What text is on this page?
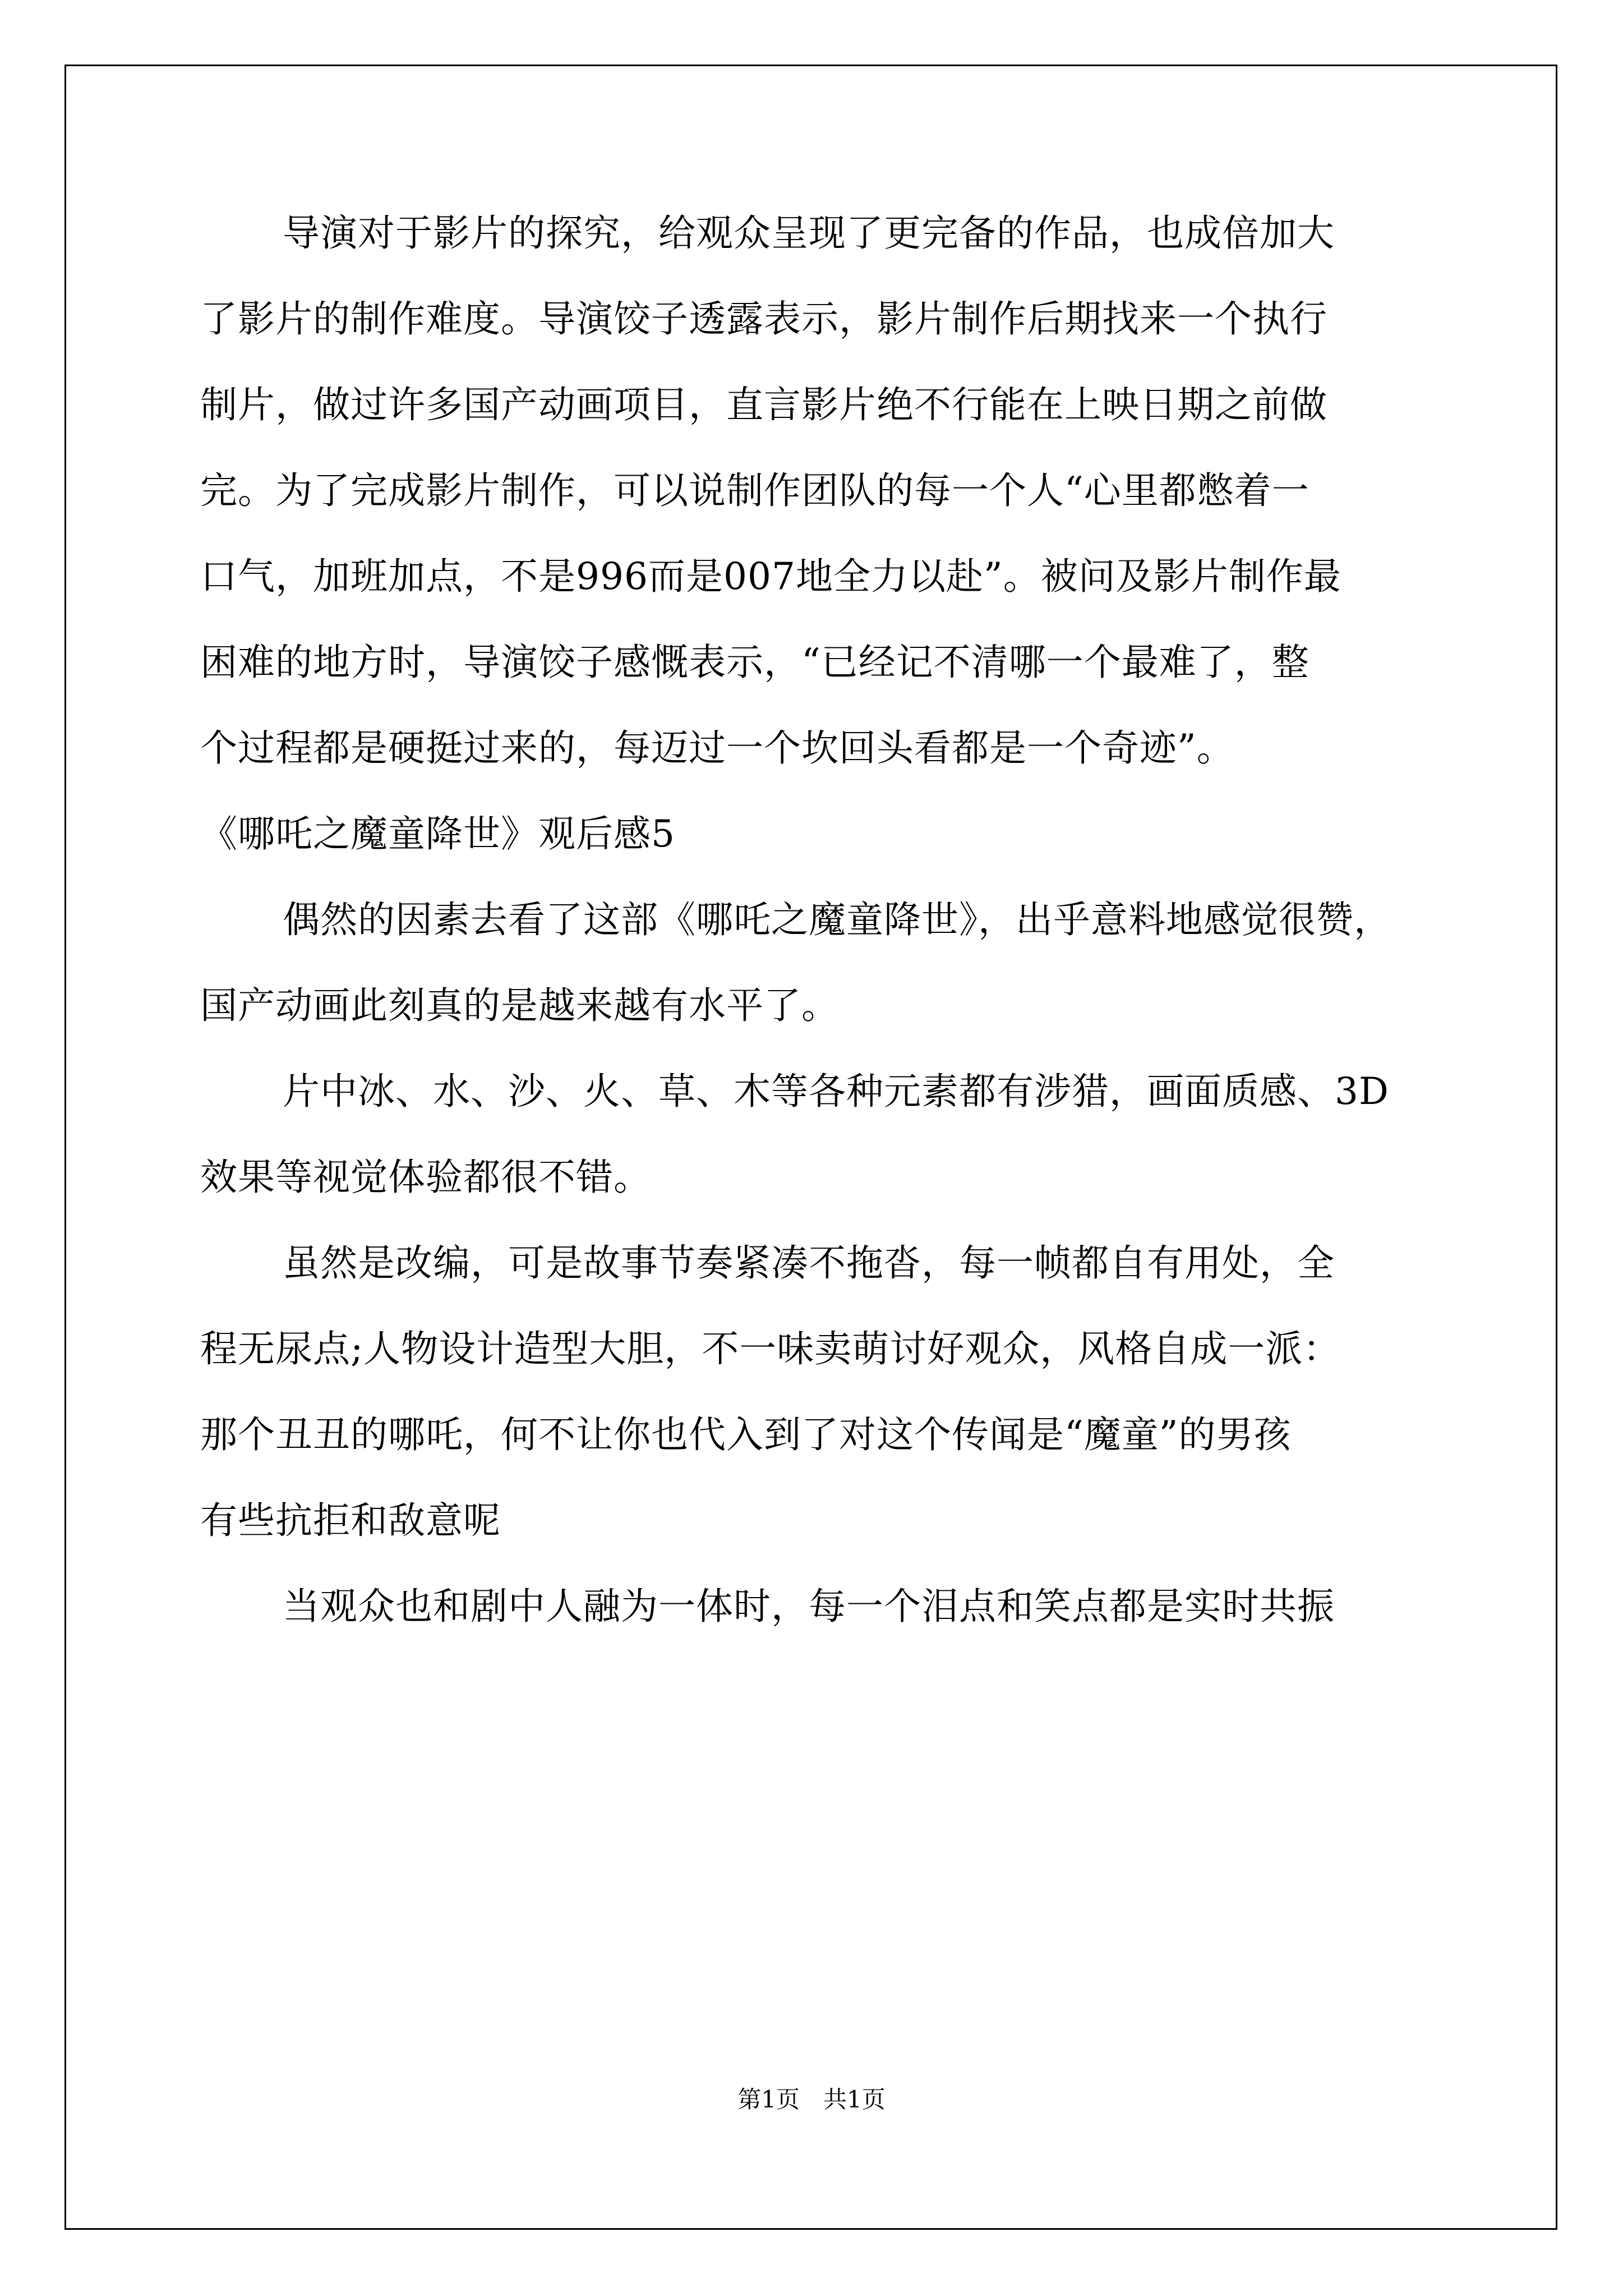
导演对于影片的探究，给观众呈现了更完备的作品，也成倍加大
了影片的制作难度。导演饺子透露表示，影片制作后期找来一个执行
制片，做过许多国产动画项目，直言影片绝不行能在上映日期之前做
完。为了完成影片制作，可以说制作团队的每一个人“心里都憋着一
口气，加班加点，不是996而是007地全力以赴”。被问及影片制作最
困难的地方时，导演饺子感慨表示，“已经记不清哪一个最难了，整
个过程都是硬挺过来的，每迈过一个坎回头看都是一个奇迹”。
《哪吒之魔童降世》观后感5
偶然的因素去看了这部《哪吒之魔童降世》，出乎意料地感觉很赞，
国产动画此刻真的是越来越有水平了。
片中冰、水、沙、火、草、木等各种元素都有涉猎，画面质感、3D
效果等视觉体验都很不错。
虽然是改编，可是故事节奏紧凑不拖沓，每一帧都自有用处，全
程无尿点;人物设计造型大胆，不一味卖萌讨好观众，风格自成一派：
那个丑丑的哪吒，何不让你也代入到了对这个传闻是“魔童”的男孩
有些抗拒和敌意呢
当观众也和剧中人融为一体时，每一个泪点和笑点都是实时共振
第1页　共1页
